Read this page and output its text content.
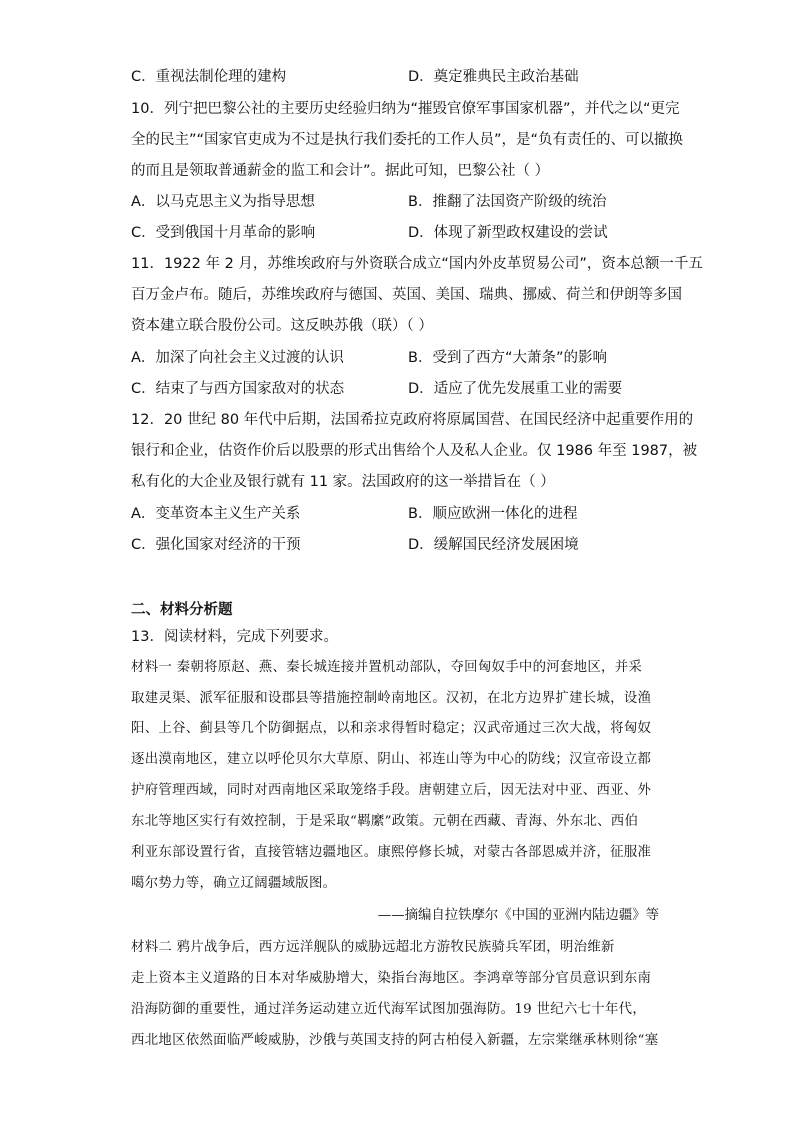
C．重视法制伦理的建构	D．奠定雅典民主政治基础
10．列宁把巴黎公社的主要历史经验归纳为“摧毁官僚军事国家机器”，并代之以“更完
全的民主”“国家官吏成为不过是执行我们委托的工作人员”，是“负有责任的、可以撤换
的而且是领取普通薪金的监工和会计”。据此可知，巴黎公社（ ）
A．以马克思主义为指导思想	B．推翻了法国资产阶级的统治
C．受到俄国十月革命的影响	D．体现了新型政权建设的尝试
11．1922 年 2 月，苏维埃政府与外资联合成立“国内外皮革贸易公司”，资本总额一千五
百万金卢布。随后，苏维埃政府与德国、英国、美国、瑞典、挪威、荷兰和伊朗等多国
资本建立联合股份公司。这反映苏俄（联）（ ）
A．加深了向社会主义过渡的认识	B．受到了西方“大萧条”的影响
C．结束了与西方国家敌对的状态	D．适应了优先发展重工业的需要
12．20 世纪 80 年代中后期，法国希拉克政府将原属国营、在国民经济中起重要作用的
银行和企业，估资作价后以股票的形式出售给个人及私人企业。仅 1986 年至 1987，被
私有化的大企业及银行就有 11 家。法国政府的这一举措旨在（ ）
A．变革资本主义生产关系	B．顺应欧洲一体化的进程
C．强化国家对经济的干预	D．缓解国民经济发展困境
二、材料分析题
13．阅读材料，完成下列要求。
材料一 秦朝将原赵、燕、秦长城连接并置机动部队，夺回匈奴手中的河套地区，并采
取建灵渠、派军征服和设郡县等措施控制岭南地区。汉初，在北方边界扩建长城，设渔
阳、上谷、蓟县等几个防御据点，以和亲求得暂时稳定；汉武帝通过三次大战，将匈奴
逐出漠南地区，建立以呼伦贝尔大草原、阴山、祁连山等为中心的防线；汉宣帝设立都
护府管理西域，同时对西南地区采取笼络手段。唐朝建立后，因无法对中亚、西亚、外
东北等地区实行有效控制，于是采取“羁縻”政策。元朝在西藏、青海、外东北、西伯
利亚东部设置行省，直接管辖边疆地区。康熙停修长城，对蒙古各部恩威并济，征服准
噶尔势力等，确立辽阔疆域版图。
——摘编自拉铁摩尔《中国的亚洲内陆边疆》等
材料二 鸦片战争后，西方远洋舰队的威胁远超北方游牧民族骑兵军团，明治维新
走上资本主义道路的日本对华威胁增大，染指台海地区。李鸿章等部分官员意识到东南
沿海防御的重要性，通过洋务运动建立近代海军试图加强海防。19 世纪六七十年代，
西北地区依然面临严峻威胁，沙俄与英国支持的阿古柏侵入新疆，左宗棠继承林则徐“塞
